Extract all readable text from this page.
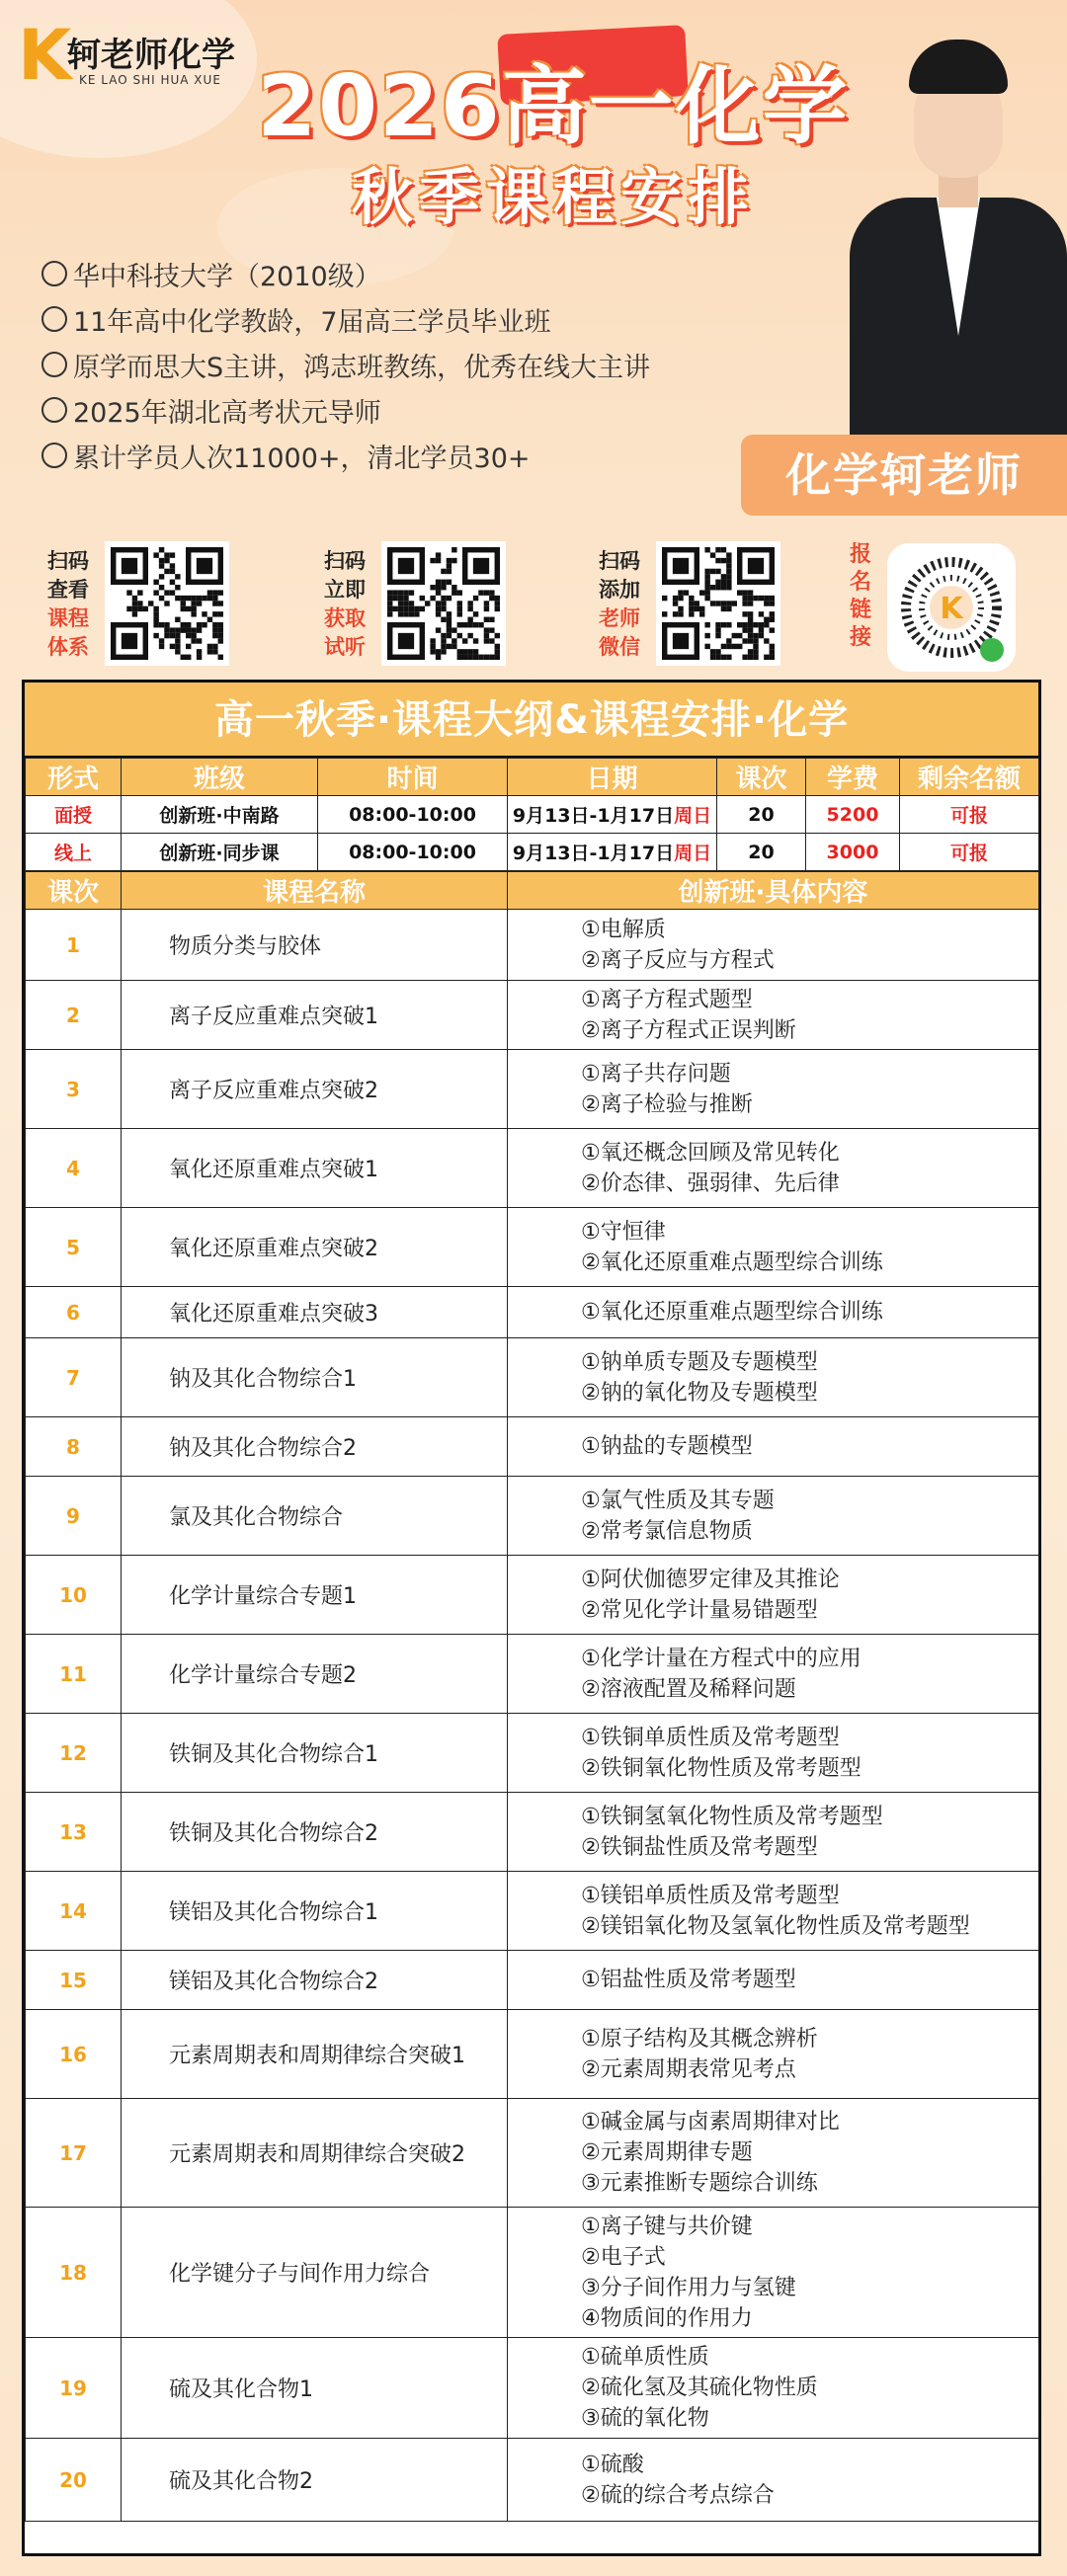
K
轲老师化学
KE LAO SHI HUA XUE 2026高一化学
秋季课程安排
化学轲老师
华中科技大学（2010级）
11年高中化学教龄，7届高三学员毕业班
原学而思大S主讲，鸿志班教练，优秀在线大主讲
2025年湖北高考状元导师
累计学员人次11000+，清北学员30+
扫码
查看
课程
体系
扫码
立即
获取
试听
扫码
添加
老师
微信
报
名
链
接
K
高一秋季·课程大纲&课程安排·化学
形式	班级	时间	日期	课次	学费	剩余名额
面授	创新班·中南路	08:00-10:00	9月13日-1月17日周日	20	5200	可报
线上	创新班·同步课	08:00-10:00	9月13日-1月17日周日	20	3000	可报
课次	课程名称	创新班·具体内容
1	物质分类与胶体	①电解质
②离子反应与方程式

2	离子反应重难点突破1	①离子方程式题型
②离子方程式正误判断

3	离子反应重难点突破2	①离子共存问题
②离子检验与推断

4	氧化还原重难点突破1	①氧还概念回顾及常见转化
②价态律、强弱律、先后律

5	氧化还原重难点突破2	①守恒律
②氧化还原重难点题型综合训练

6	氧化还原重难点突破3	①氧化还原重难点题型综合训练

7	钠及其化合物综合1	①钠单质专题及专题模型
②钠的氧化物及专题模型

8	钠及其化合物综合2	①钠盐的专题模型

9	氯及其化合物综合	①氯气性质及其专题
②常考氯信息物质

10	化学计量综合专题1	①阿伏伽德罗定律及其推论
②常见化学计量易错题型

11	化学计量综合专题2	①化学计量在方程式中的应用
②溶液配置及稀释问题

12	铁铜及其化合物综合1	①铁铜单质性质及常考题型
②铁铜氧化物性质及常考题型

13	铁铜及其化合物综合2	①铁铜氢氧化物性质及常考题型
②铁铜盐性质及常考题型

14	镁铝及其化合物综合1	①镁铝单质性质及常考题型
②镁铝氧化物及氢氧化物性质及常考题型

15	镁铝及其化合物综合2	①铝盐性质及常考题型

16	元素周期表和周期律综合突破1	①原子结构及其概念辨析
②元素周期表常见考点

17	元素周期表和周期律综合突破2	①碱金属与卤素周期律对比
②元素周期律专题
③元素推断专题综合训练

18	化学键分子与间作用力综合	①离子键与共价键
②电子式
③分子间作用力与氢键
④物质间的作用力

19	硫及其化合物1	①硫单质性质
②硫化氢及其硫化物性质
③硫的氧化物

20	硫及其化合物2	①硫酸
②硫的综合考点综合
